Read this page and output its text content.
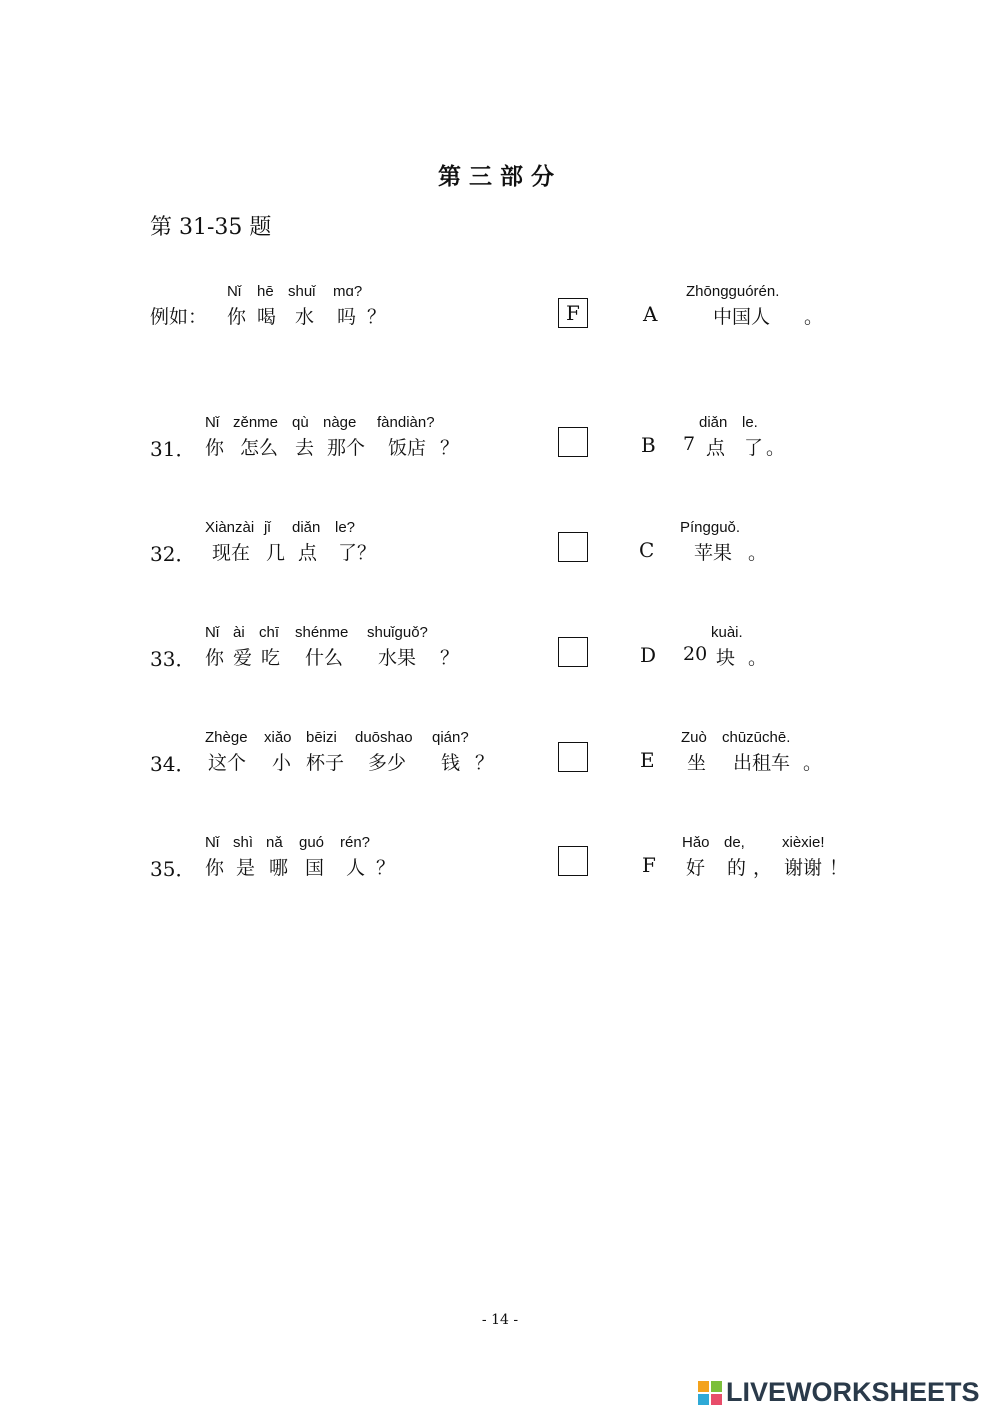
第三部分
第 31-35 题
Nǐ hē shuǐ mɑ?
例如： 你 喝 水 吗 ？	F
Nǐ zěnme qù nàge fàndiàn?
31． 你 怎么 去 那个 饭店 ？
Xiànzài jǐ diǎn le?
32． 现在 几 点 了？
Nǐ ài chī shénme shuǐguǒ?
33． 你 爱 吃 什么 水果 ？
Zhège xiǎo bēizi duōshao qián?
34． 这个 小 杯子 多少 钱 ？
Nǐ shì nǎ guó rén?
35． 你 是 哪 国 人 ？
Zhōngguórén.
A	中国人 。
diǎn le.
B 7 点 了 。
Píngguǒ.
C 苹果 。
kuài.
D 20 块 。
Zuò chūzūchē.
E 坐 出租车 。
Hǎo de, xièxie!
F 好 的 ， 谢谢 ！
- 14 -
LIVEWORKSHEETS
